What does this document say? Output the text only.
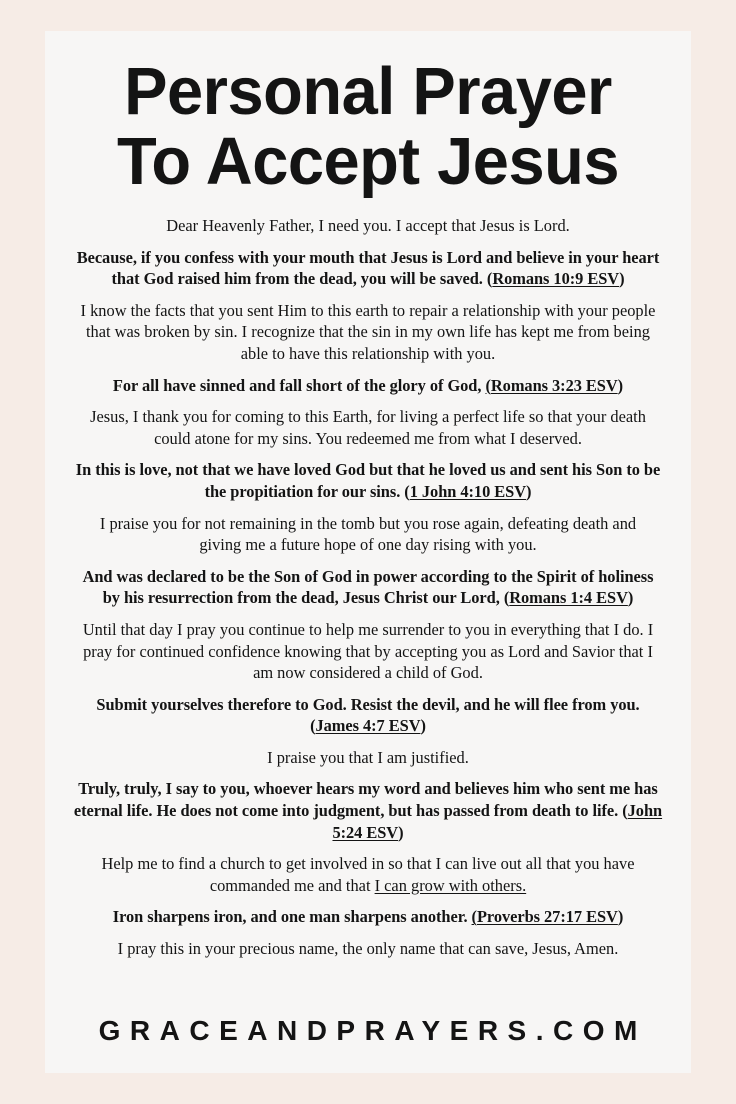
Personal Prayer
To Accept Jesus

Dear Heavenly Father, I need you. I accept that Jesus is Lord.

Because, if you confess with your mouth that Jesus is Lord and believe in your heart that God raised him from the dead, you will be saved. (Romans 10:9 ESV)

I know the facts that you sent Him to this earth to repair a relationship with your people that was broken by sin. I recognize that the sin in my own life has kept me from being able to have this relationship with you.

For all have sinned and fall short of the glory of God, (Romans 3:23 ESV)

Jesus, I thank you for coming to this Earth, for living a perfect life so that your death could atone for my sins. You redeemed me from what I deserved.

In this is love, not that we have loved God but that he loved us and sent his Son to be the propitiation for our sins. (1 John 4:10 ESV)

I praise you for not remaining in the tomb but you rose again, defeating death and giving me a future hope of one day rising with you.

And was declared to be the Son of God in power according to the Spirit of holiness by his resurrection from the dead, Jesus Christ our Lord, (Romans 1:4 ESV)

Until that day I pray you continue to help me surrender to you in everything that I do. I pray for continued confidence knowing that by accepting you as Lord and Savior that I am now considered a child of God.

Submit yourselves therefore to God. Resist the devil, and he will flee from you. (James 4:7 ESV)

I praise you that I am justified.

Truly, truly, I say to you, whoever hears my word and believes him who sent me has eternal life. He does not come into judgment, but has passed from death to life. (John 5:24 ESV)

Help me to find a church to get involved in so that I can live out all that you have commanded me and that I can grow with others.

Iron sharpens iron, and one man sharpens another. (Proverbs 27:17 ESV)

I pray this in your precious name, the only name that can save, Jesus, Amen.

GRACEANDPRAYERS.COM
